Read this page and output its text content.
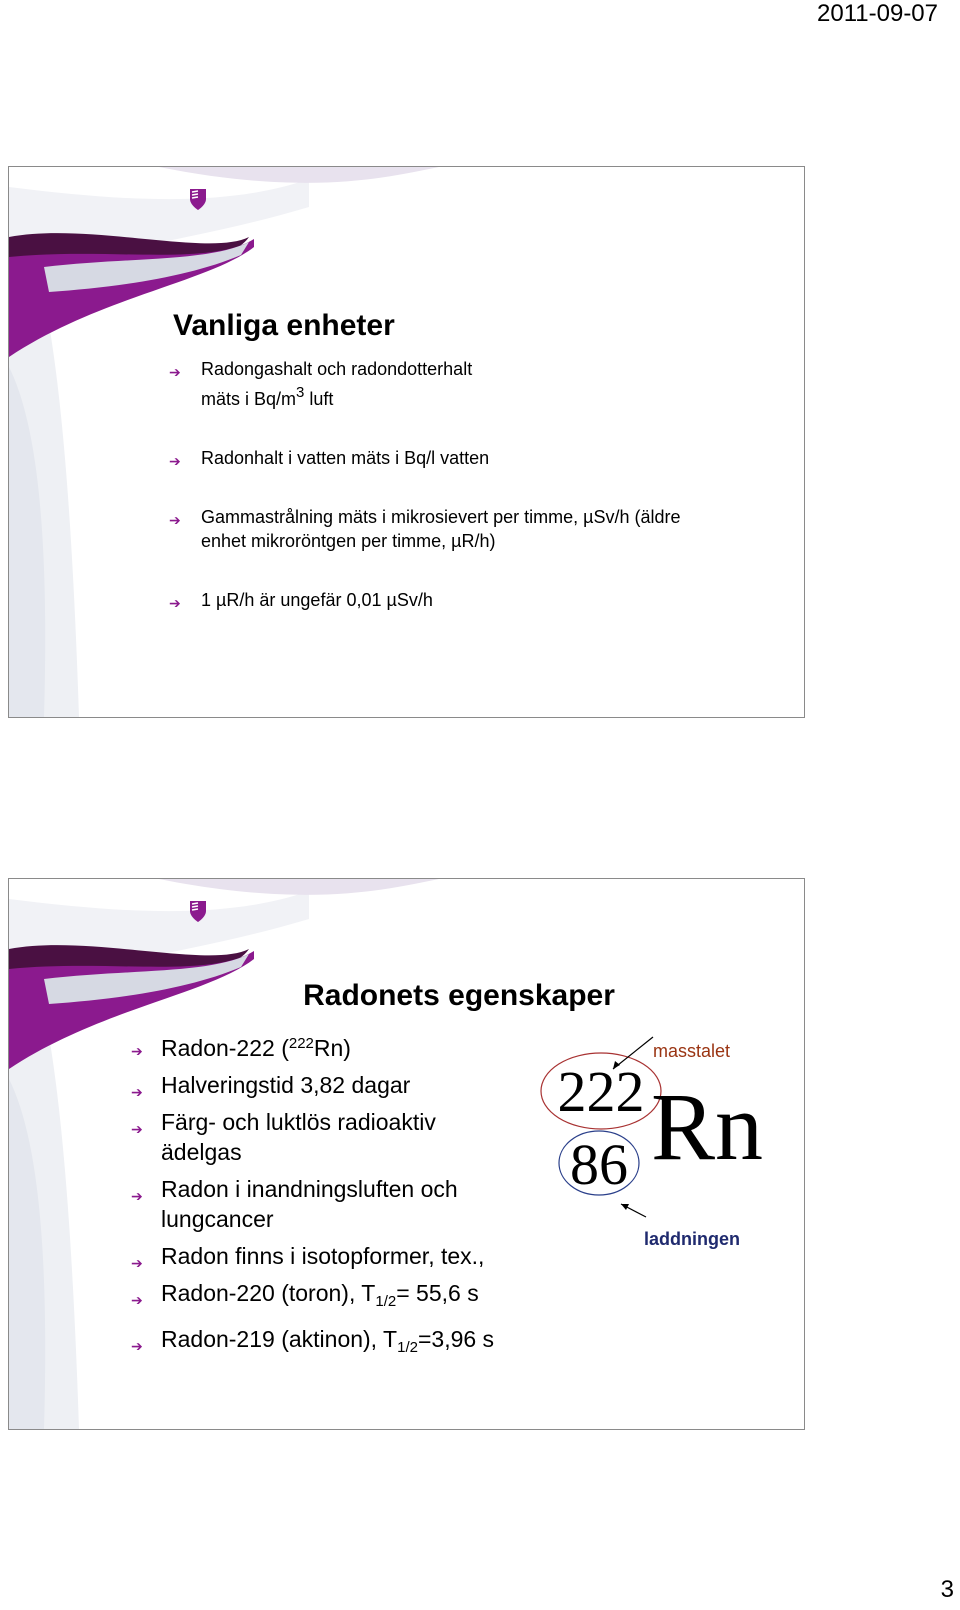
2011-09-07
Vanliga enheter
➔ Radongashalt och radondotterhalt
mäts i $Bq/m^3$ luft
➔ Radonhalt i vatten mäts i Bq/l vatten
➔ Gammastrålning mäts i mikrosievert per timme, µSv/h (äldre
enhet mikroröntgen per timme, µR/h)
➔ 1 µR/h är ungefär 0,01 µSv/h
Radonets egenskaper
➔ Radon-222 ($^{222}$Rn)
➔ Halveringstid 3,82 dagar
➔ Färg- och luktlös radioaktiv
ädelgas
➔ Radon i inandningsluften och
lungcancer
➔ Radon finns i isotopformer, tex.,
➔ Radon-220 (toron), $T_{1/2}= 55,6$ s
➔ Radon-219 (aktinon), $T_{1/2}=3,96$ s
masstalet
laddningen
222
86 Rn
3
